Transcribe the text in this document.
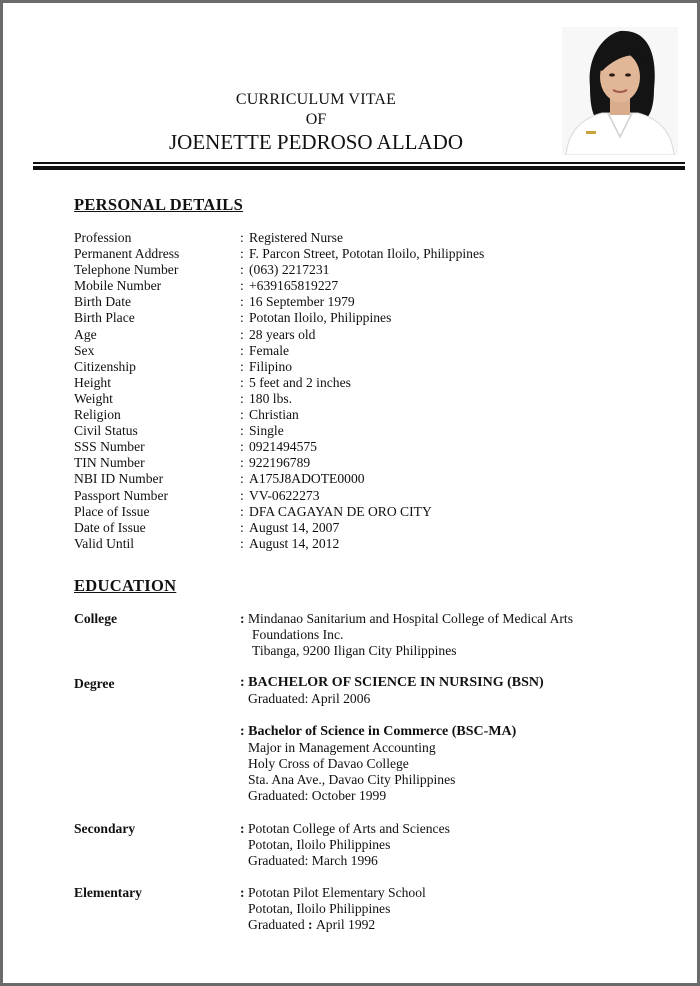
CURRICULUM VITAE
OF
JOENETTE PEDROSO ALLADO
PERSONAL DETAILS
Profession	: Registered Nurse
Permanent Address	: F. Parcon Street, Pototan Iloilo, Philippines
Telephone Number	: (063) 2217231
Mobile Number	: +639165819227
Birth Date	: 16 September 1979
Birth Place	: Pototan Iloilo, Philippines
Age	: 28 years old
Sex	: Female
Citizenship	: Filipino
Height	: 5 feet and 2 inches
Weight	: 180 lbs.
Religion	: Christian
Civil Status	: Single
SSS Number	: 0921494575
TIN Number	: 922196789
NBI ID Number	: A175J8ADOTE0000
Passport Number	: VV-0622273
Place of Issue	: DFA CAGAYAN DE ORO CITY
Date of Issue	: August 14, 2007
Valid Until	: August 14, 2012
EDUCATION
College	: Mindanao Sanitarium and Hospital College of Medical Arts
Foundations Inc.
Tibanga, 9200 Iligan City Philippines
Degree	: BACHELOR OF SCIENCE IN NURSING (BSN)
Graduated: April 2006
: Bachelor of Science in Commerce (BSC-MA)
Major in Management Accounting
Holy Cross of Davao College
Sta. Ana Ave., Davao City Philippines
Graduated: October 1999
Secondary	: Pototan College of Arts and Sciences
Pototan, Iloilo Philippines
Graduated: March 1996
Elementary	: Pototan Pilot Elementary School
Pototan, Iloilo Philippines
Graduated : April 1992
